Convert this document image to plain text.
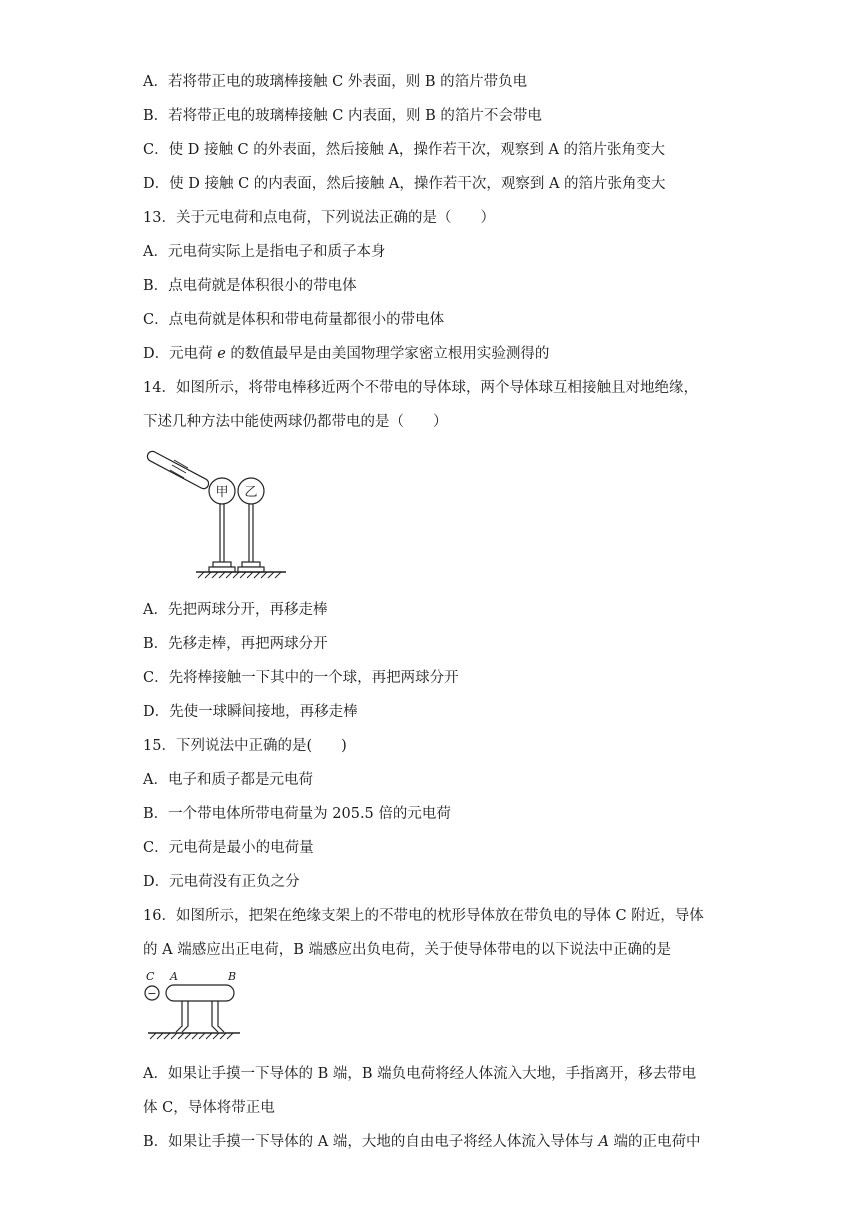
A．若将带正电的玻璃棒接触 C 外表面，则 B 的箔片带负电
B．若将带正电的玻璃棒接触 C 内表面，则 B 的箔片不会带电
C．使 D 接触 C 的外表面，然后接触 A，操作若干次，观察到 A 的箔片张角变大
D．使 D 接触 C 的内表面，然后接触 A，操作若干次，观察到 A 的箔片张角变大
13．关于元电荷和点电荷，下列说法正确的是（　　）
A．元电荷实际上是指电子和质子本身
B．点电荷就是体积很小的带电体
C．点电荷就是体积和带电荷量都很小的带电体
D．元电荷 e 的数值最早是由美国物理学家密立根用实验测得的
14．如图所示，将带电棒移近两个不带电的导体球，两个导体球互相接触且对地绝缘，
下述几种方法中能使两球仍都带电的是（　　）
甲 乙
A．先把两球分开，再移走棒
B．先移走棒，再把两球分开
C．先将棒接触一下其中的一个球，再把两球分开
D．先使一球瞬间接地，再移走棒
15．下列说法中正确的是(　　)
A．电子和质子都是元电荷
B．一个带电体所带电荷量为 205.5 倍的元电荷
C．元电荷是最小的电荷量
D．元电荷没有正负之分
16．如图所示，把架在绝缘支架上的不带电的枕形导体放在带负电的导体 C 附近，导体
的 A 端感应出正电荷，B 端感应出负电荷，关于使导体带电的以下说法中正确的是
C A	B
−
A．如果让手摸一下导体的 B 端，B 端负电荷将经人体流入大地，手指离开，移去带电
体 C，导体将带正电
B．如果让手摸一下导体的 A 端，大地的自由电子将经人体流入导体与 A 端的正电荷中
